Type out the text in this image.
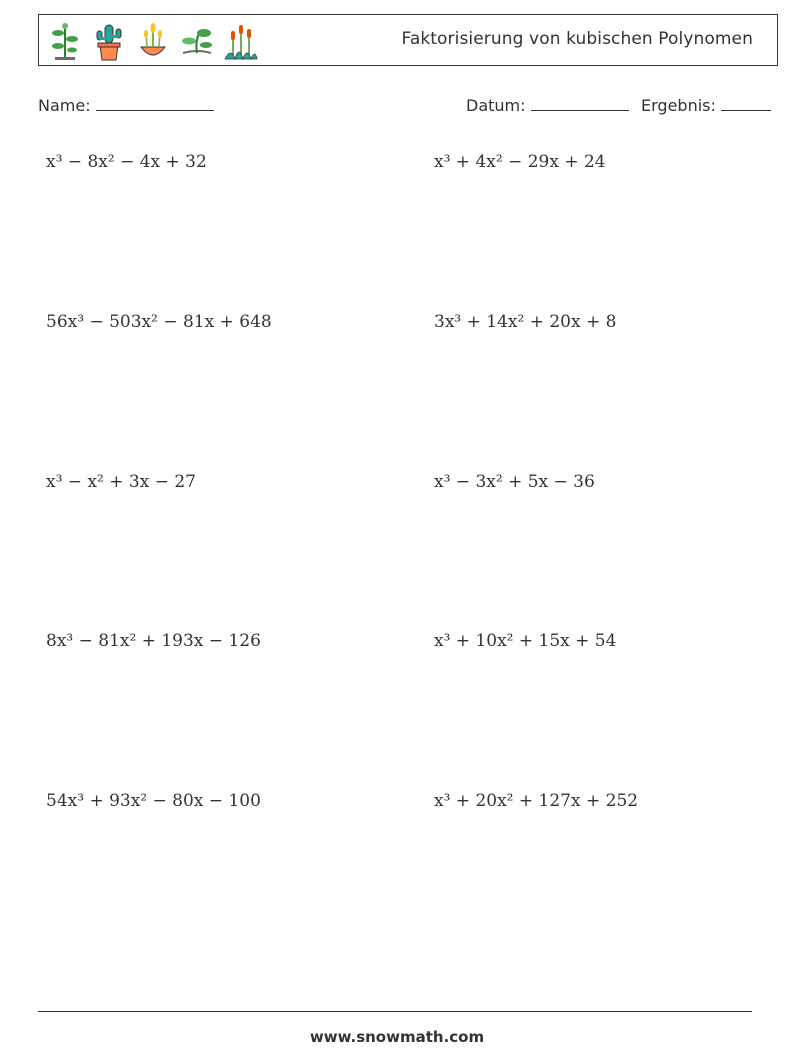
Faktorisierung von kubischen Polynomen
Name:	Datum:	Ergebnis:
x³ − 8x² − 4x + 32	x³ + 4x² − 29x + 24
56x³ − 503x² − 81x + 648	3x³ + 14x² + 20x + 8
x³ − x² + 3x − 27	x³ − 3x² + 5x − 36
8x³ − 81x² + 193x − 126	x³ + 10x² + 15x + 54
54x³ + 93x² − 80x − 100	x³ + 20x² + 127x + 252
www.snowmath.com
